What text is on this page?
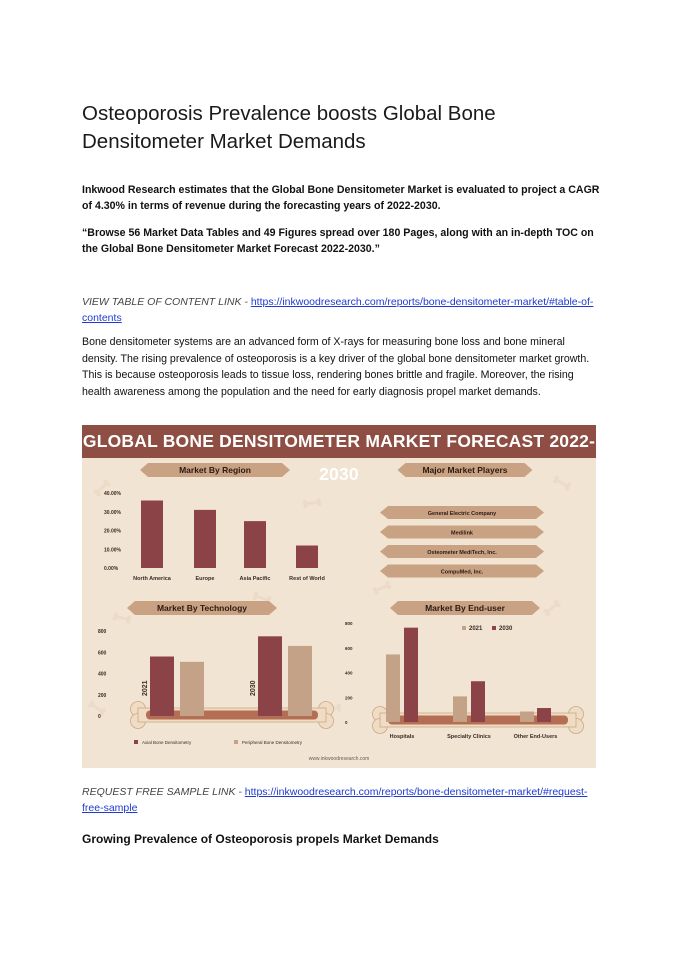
Osteoporosis Prevalence boosts Global Bone Densitometer Market Demands
Inkwood Research estimates that the Global Bone Densitometer Market is evaluated to project a CAGR of 4.30% in terms of revenue during the forecasting years of 2022-2030.
“Browse 56 Market Data Tables and 49 Figures spread over 180 Pages, along with an in-depth TOC on the Global Bone Densitometer Market Forecast 2022-2030.”
VIEW TABLE OF CONTENT LINK - https://inkwoodresearch.com/reports/bone-densitometer-market/#table-of-contents
Bone densitometer systems are an advanced form of X-rays for measuring bone loss and bone mineral density. The rising prevalence of osteoporosis is a key driver of the global bone densitometer market growth. This is because osteoporosis leads to tissue loss, rendering bones brittle and fragile. Moreover, the rising health awareness among the population and the need for early diagnosis propel market demands.
GLOBAL BONE DENSITOMETER MARKET FORECAST 2022-2030
Market By Region
40.00%
30.00%
20.00%
10.00%
0.00%
North America	Europe	Asia Pacific	Rest of World
Major Market Players
General Electric Company
Medilink
Osteometer MediTech, Inc.
CompuMed, Inc.
Market By Technology
800
600
400
200
0
2021	2030
Axial Bone Densitometry	Peripheral Bone Densitometry
Market By End-user
2021	2030
800
600
400
200
0
Hospitals	Specialty Clinics	Other End-Users
www.inkwoodresearch.com
REQUEST FREE SAMPLE LINK - https://inkwoodresearch.com/reports/bone-densitometer-market/#request-free-sample
Growing Prevalence of Osteoporosis propels Market Demands
